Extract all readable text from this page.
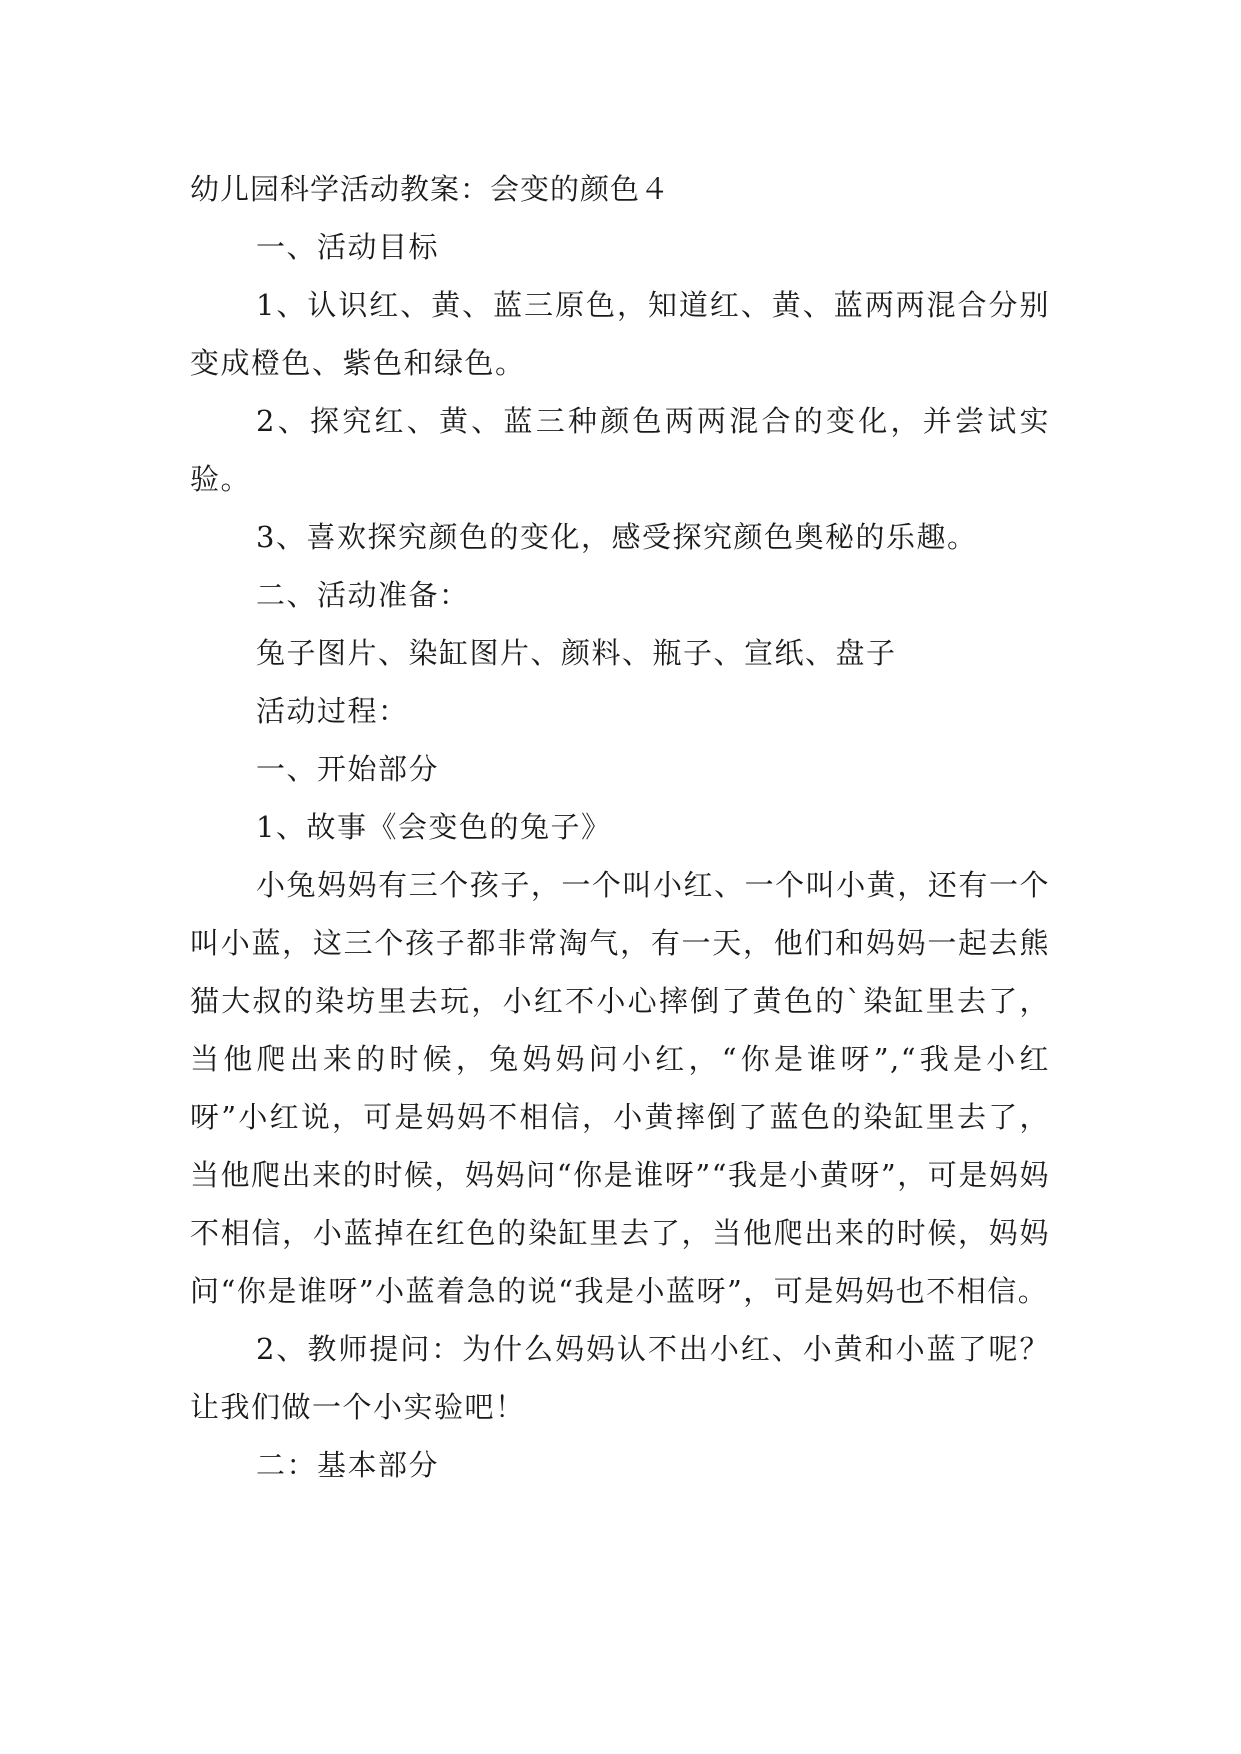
幼儿园科学活动教案：会变的颜色４

一、活动目标

1、认识红、黄、蓝三原色，知道红、黄、蓝两两混合分别变成橙色、紫色和绿色。

2、探究红、黄、蓝三种颜色两两混合的变化，并尝试实验。

3、喜欢探究颜色的变化，感受探究颜色奥秘的乐趣。

二、活动准备：

兔子图片、染缸图片、颜料、瓶子、宣纸、盘子

活动过程：

一、开始部分

1、故事《会变色的兔子》

小兔妈妈有三个孩子，一个叫小红、一个叫小黄，还有一个叫小蓝，这三个孩子都非常淘气，有一天，他们和妈妈一起去熊猫大叔的染坊里去玩，小红不小心摔倒了黄色的`染缸里去了，当他爬出来的时候，兔妈妈问小红，“你是谁呀”,“我是小红呀”小红说，可是妈妈不相信，小黄摔倒了蓝色的染缸里去了，当他爬出来的时候，妈妈问“你是谁呀”“我是小黄呀”，可是妈妈不相信，小蓝掉在红色的染缸里去了，当他爬出来的时候，妈妈问“你是谁呀”小蓝着急的说“我是小蓝呀”，可是妈妈也不相信。

2、教师提问：为什么妈妈认不出小红、小黄和小蓝了呢？让我们做一个小实验吧！

二：基本部分
